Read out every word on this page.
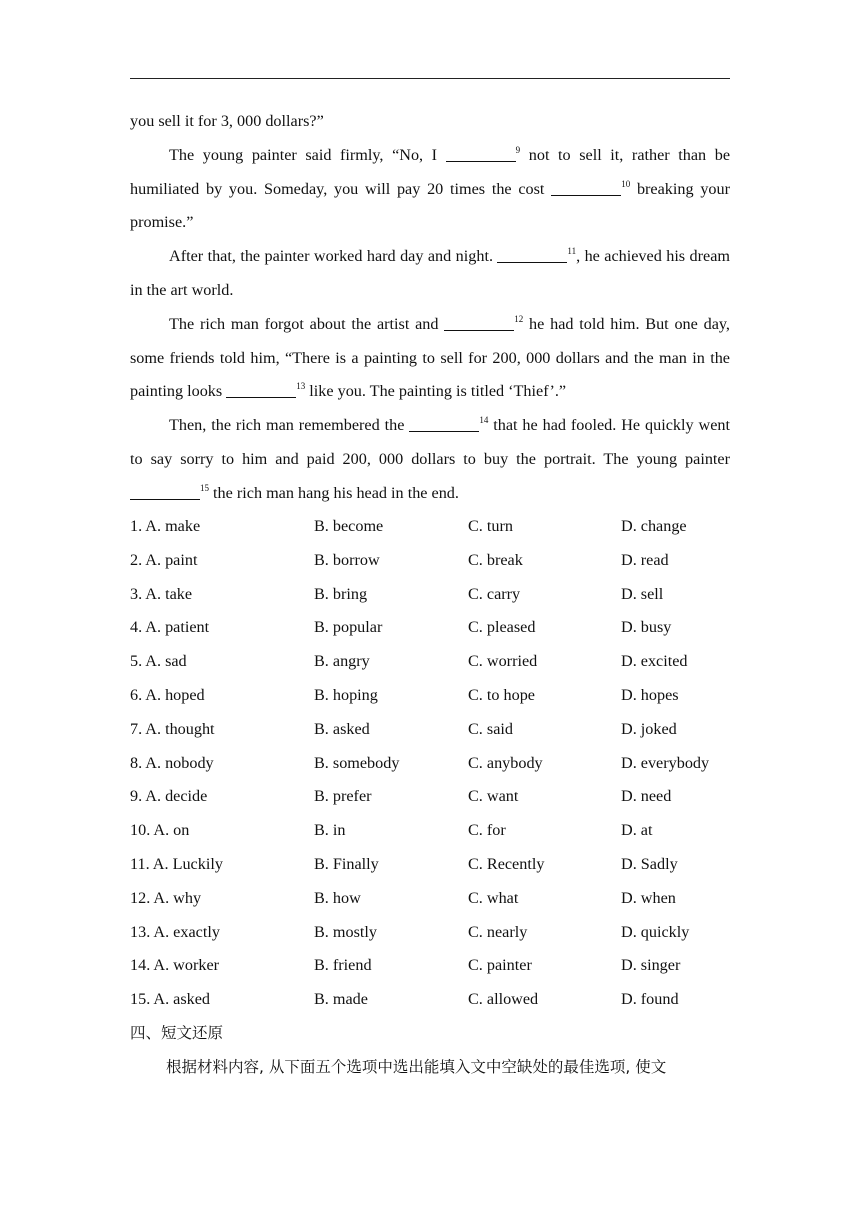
you sell it for 3, 000 dollars?”

The young painter said firmly, “No, I	$^9$ not to sell it, rather than be humiliated by you. Someday, you will pay 20 times the cost	$^{10}$ breaking your promise.”

After that, the painter worked hard day and night.	$^{11}$, he achieved his dream in the art world.

The rich man forgot about the artist and	$^{12}$ he had told him. But one day, some friends told him, “There is a painting to sell for 200, 000 dollars and the man in the painting looks	$^{13}$ like you. The painting is titled ‘Thief’.”

Then, the rich man remembered the	$^{14}$ that he had fooled. He quickly went to say sorry to him and paid 200, 000 dollars to buy the portrait. The young painter $^{15}$ the rich man hang his head in the end.

1. A. make	B. become	C. turn	D. change
2. A. paint	B. borrow	C. break	D. read
3. A. take	B. bring	C. carry	D. sell
4. A. patient	B. popular	C. pleased	D. busy
5. A. sad	B. angry	C. worried	D. excited
6. A. hoped	B. hoping	C. to hope	D. hopes
7. A. thought	B. asked	C. said	D. joked
8. A. nobody	B. somebody	C. anybody	D. everybody
9. A. decide	B. prefer	C. want	D. need
10. A. on	B. in	C. for	D. at
11. A. Luckily	B. Finally	C. Recently	D. Sadly
12. A. why	B. how	C. what	D. when
13. A. exactly	B. mostly	C. nearly	D. quickly
14. A. worker	B. friend	C. painter	D. singer
15. A. asked	B. made	C. allowed	D. found
四、短文还原
根据材料内容, 从下面五个选项中选出能填入文中空缺处的最佳选项, 使文
